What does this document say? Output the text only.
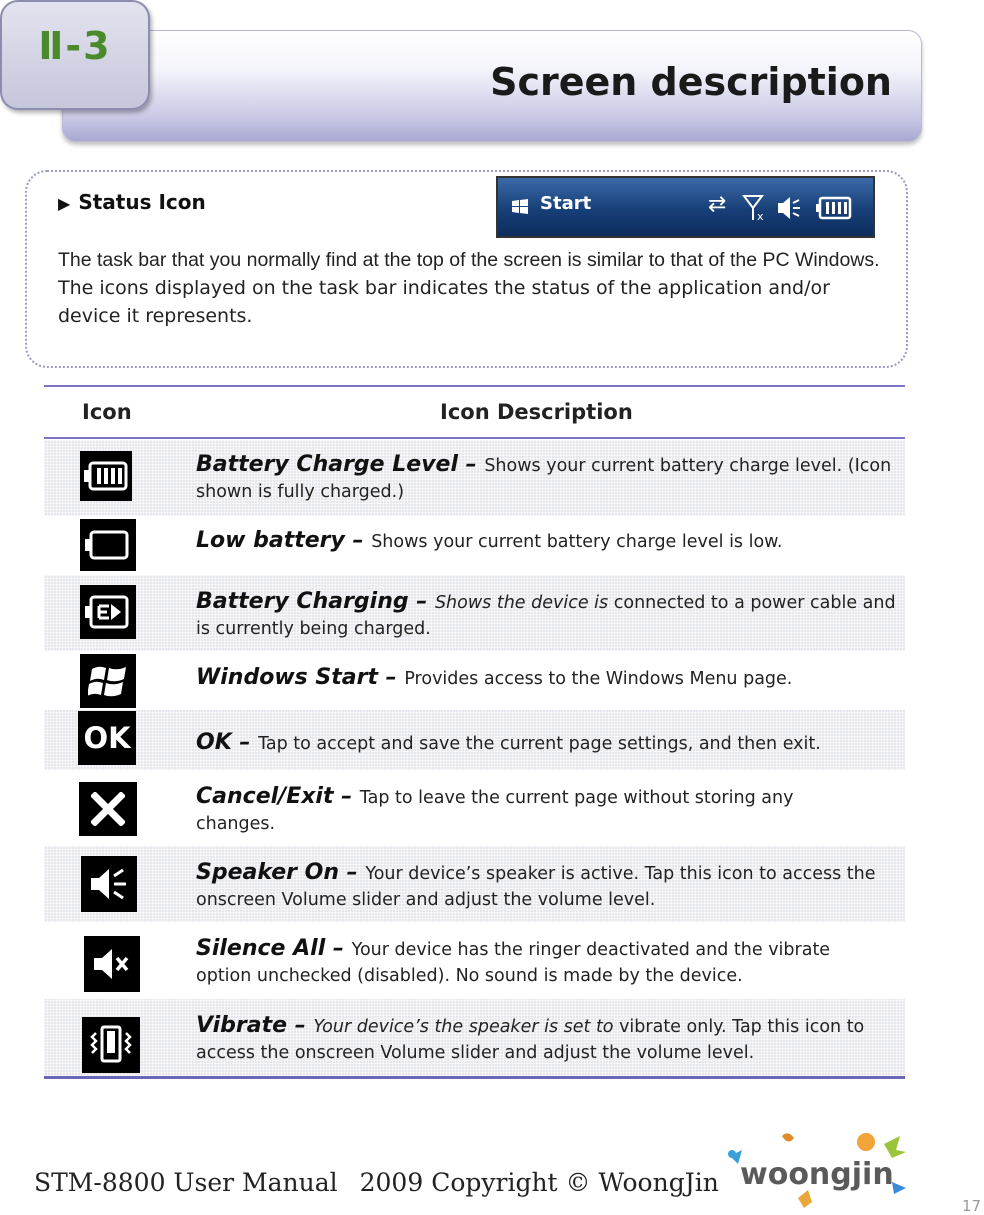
Ⅱ-3
Screen description
▶ Status Icon	Start	⇄	x
The task bar that you normally find at the top of the screen is similar to that of the PC Windows. The icons displayed on the task bar indicates the status of the application and/or device it represents.
Icon	Icon Description
Battery Charge Level – Shows your current battery charge level. (Icon shown is fully charged.)
Low battery – Shows your current battery charge level is low.
Battery Charging – Shows the device is connected to a power cable and is currently being charged.
Windows Start – Provides access to the Windows Menu page.
OK	OK – Tap to accept and save the current page settings, and then exit.
Cancel/Exit – Tap to leave the current page without storing any changes.
Speaker On – Your device’s speaker is active. Tap this icon to access the onscreen Volume slider and adjust the volume level.
Silence All – Your device has the ringer deactivated and the vibrate option unchecked (disabled). No sound is made by the device.
Vibrate – Your device’s the speaker is set to vibrate only. Tap this icon to access the onscreen Volume slider and adjust the volume level.
STM-8800 User Manual 2009 Copyright © WoongJin woongjin
17
